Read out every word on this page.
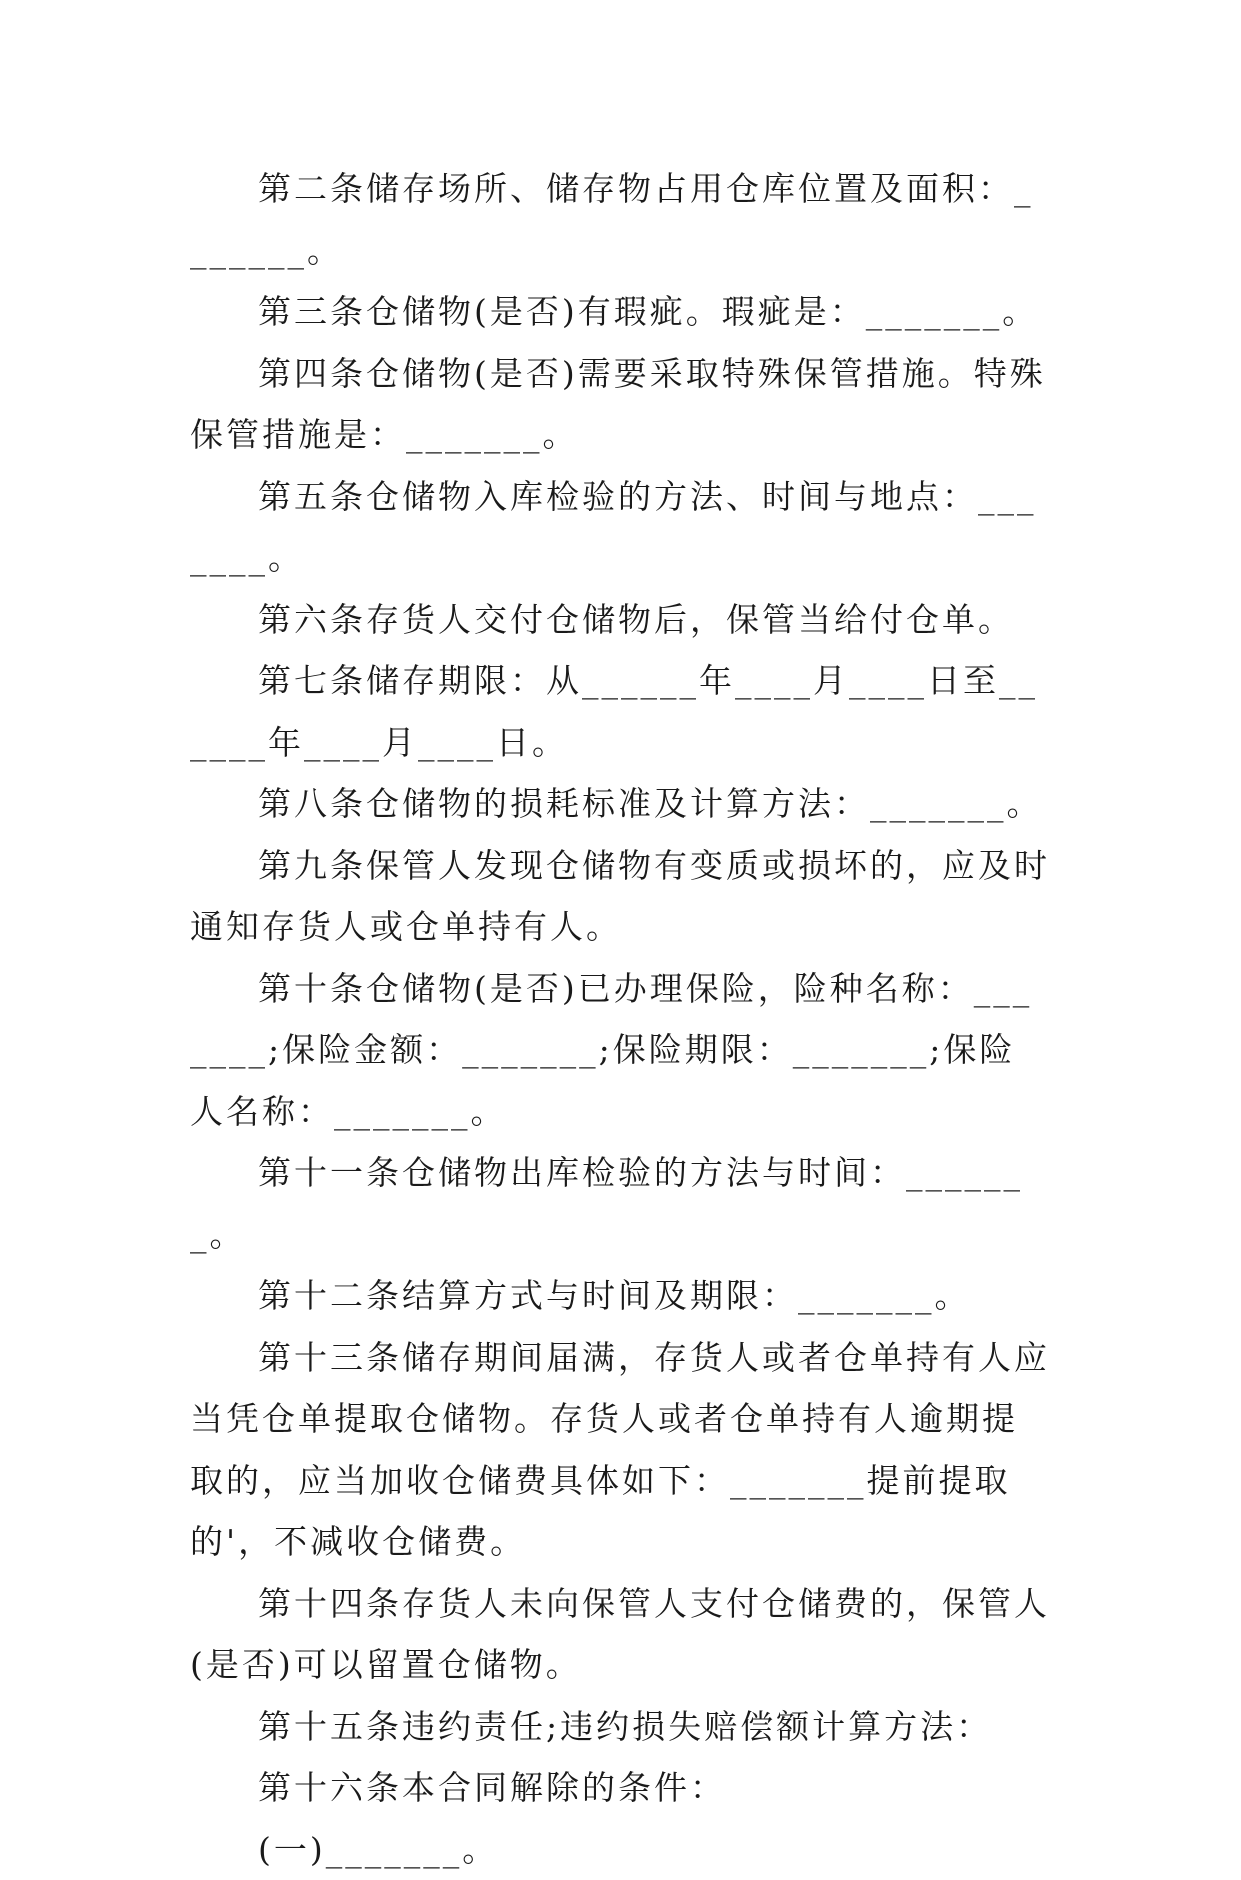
第二条储存场所、储存物占用仓库位置及面积：_______。

第三条仓储物(是否)有瑕疵。瑕疵是：_______。

第四条仓储物(是否)需要采取特殊保管措施。特殊保管措施是：_______。

第五条仓储物入库检验的方法、时间与地点：_______。

第六条存货人交付仓储物后，保管当给付仓单。

第七条储存期限：从______年____月____日至______年____月____日。

第八条仓储物的损耗标准及计算方法：_______。

第九条保管人发现仓储物有变质或损坏的，应及时通知存货人或仓单持有人。

第十条仓储物(是否)已办理保险，险种名称：_______;保险金额：_______;保险期限：_______;保险人名称：_______。

第十一条仓储物出库检验的方法与时间：_______。

第十二条结算方式与时间及期限：_______。

第十三条储存期间届满，存货人或者仓单持有人应当凭仓单提取仓储物。存货人或者仓单持有人逾期提取的，应当加收仓储费具体如下：_______提前提取的'，不减收仓储费。

第十四条存货人未向保管人支付仓储费的，保管人(是否)可以留置仓储物。

第十五条违约责任;违约损失赔偿额计算方法：

第十六条本合同解除的条件：

(一)_______。
